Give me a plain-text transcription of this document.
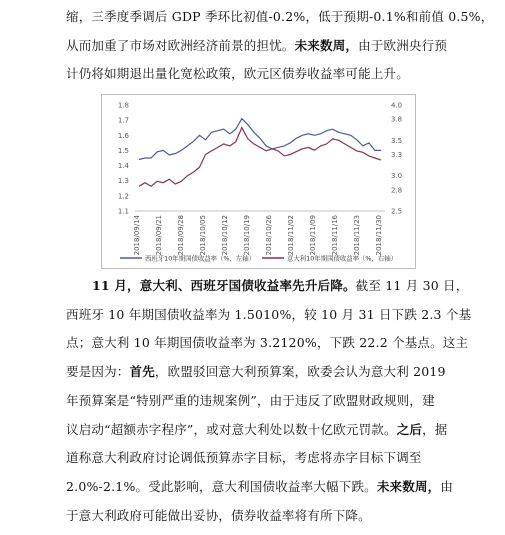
缩，三季度季调后 GDP 季环比初值-0.2%，低于预期-0.1%和前值 0.5%，
从而加重了市场对欧洲经济前景的担忧。未来数周，由于欧洲央行预
计仍将如期退出量化宽松政策，欧元区债券收益率可能上升。
1.8
1.7
1.6
1.5
1.4
1.3
1.2
1.1
4.0
3.8
3.5
3.3
3.0
2.8
2.5
2018/09/14 2018/09/21 2018/09/28 2018/10/05 2018/10/12 2018/10/19 2018/10/26 2018/11/02 2018/11/09 2018/11/16 2018/11/23 2018/11/30
西班牙10年期国债收益率（%，左轴）	意大利10年期国债收益率（%，右轴）
11 月，意大利、西班牙国债收益率先升后降。截至 11 月 30 日，
西班牙 10 年期国债收益率为 1.5010%，较 10 月 31 日下跌 2.3 个基
点；意大利 10 年期国债收益率为 3.2120%，下跌 22.2 个基点。这主
要是因为：首先，欧盟驳回意大利预算案，欧委会认为意大利 2019
年预算案是“特别严重的违规案例”，由于违反了欧盟财政规则，建
议启动“超额赤字程序”，或对意大利处以数十亿欧元罚款。之后，据
道称意大利政府讨论调低预算赤字目标，考虑将赤字目标下调至
2.0%-2.1%。受此影响，意大利国债收益率大幅下跌。未来数周，由
于意大利政府可能做出妥协，债券收益率将有所下降。
